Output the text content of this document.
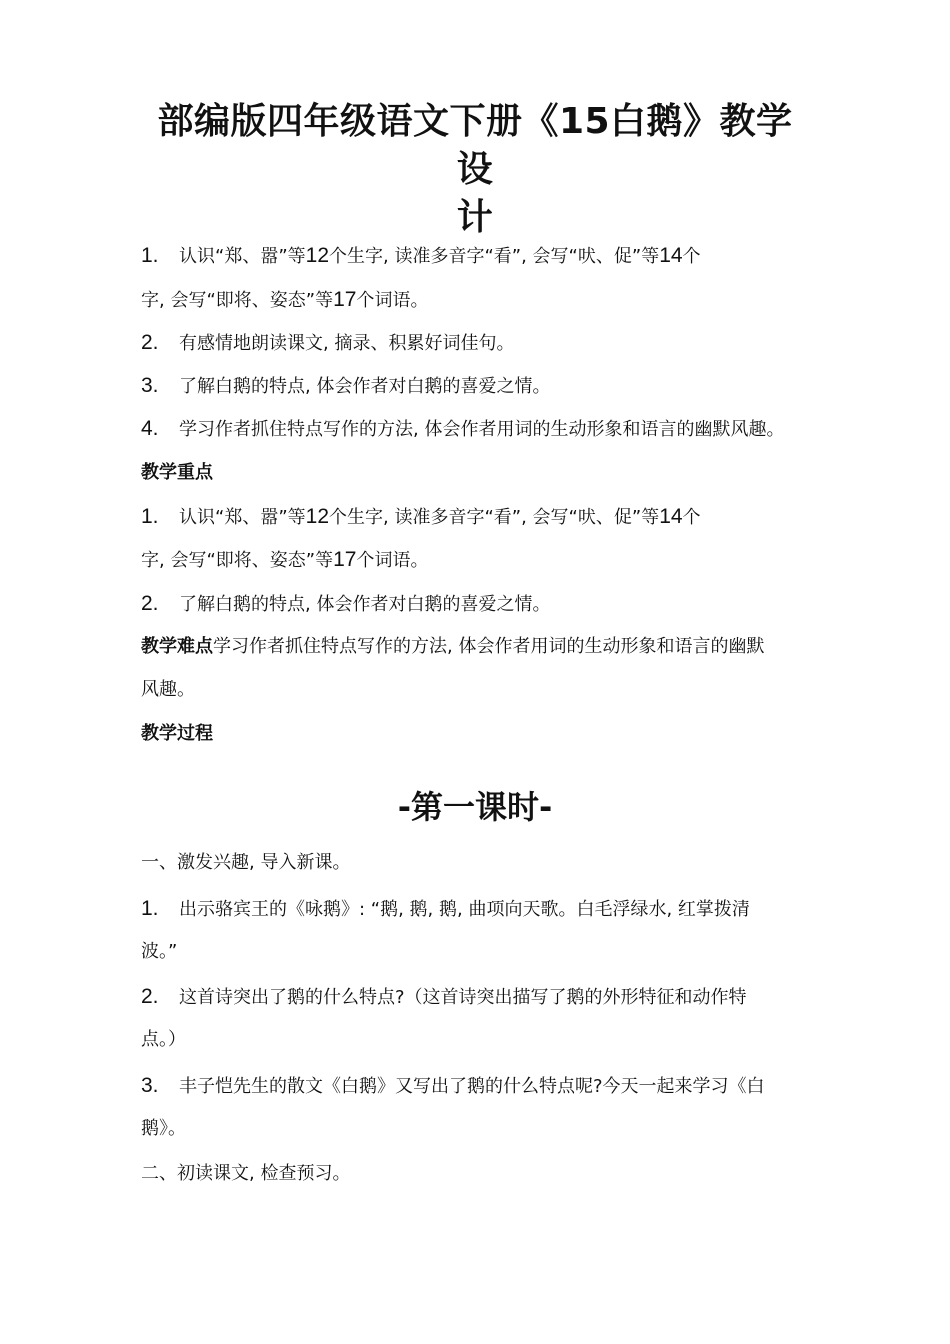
部编版四年级语文下册《15白鹅》教学设
计
1. 认识“郑、嚣”等12个生字, 读准多音字“看”, 会写“吠、促”等14个
字, 会写“即将、姿态”等17个词语。
2. 有感情地朗读课文, 摘录、积累好词佳句。
3. 了解白鹅的特点, 体会作者对白鹅的喜爱之情。
4. 学习作者抓住特点写作的方法, 体会作者用词的生动形象和语言的幽默风趣。
教学重点
1. 认识“郑、嚣”等12个生字, 读准多音字“看”, 会写“吠、促”等14个
字, 会写“即将、姿态”等17个词语。
2. 了解白鹅的特点, 体会作者对白鹅的喜爱之情。
教学难点学习作者抓住特点写作的方法, 体会作者用词的生动形象和语言的幽默
风趣。
教学过程
-第一课时-
一、激发兴趣, 导入新课。
1. 出示骆宾王的《咏鹅》: “鹅, 鹅, 鹅, 曲项向天歌。白毛浮绿水, 红掌拨清
波。”
2. 这首诗突出了鹅的什么特点?（这首诗突出描写了鹅的外形特征和动作特
点。）
3. 丰子恺先生的散文《白鹅》又写出了鹅的什么特点呢?今天一起来学习《白
鹅》。
二、初读课文, 检查预习。
